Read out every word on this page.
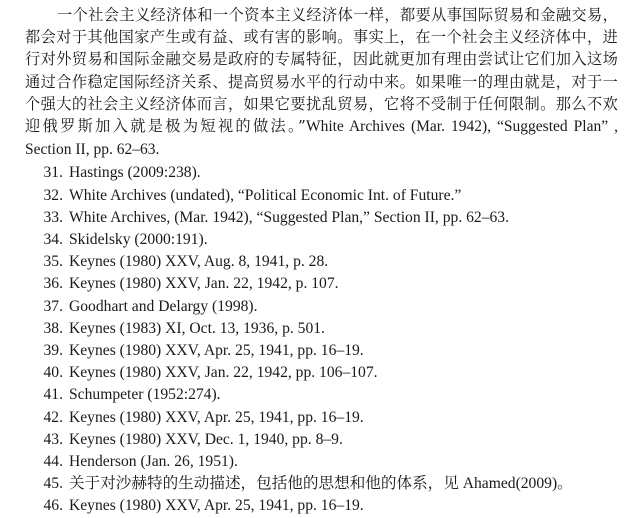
一个社会主义经济体和一个资本主义经济体一样，都要从事国际贸易和金融交易，都会对于其他国家产生或有益、或有害的影响。事实上，在一个社会主义经济体中，进行对外贸易和国际金融交易是政府的专属特征，因此就更加有理由尝试让它们加入这场通过合作稳定国际经济关系、提高贸易水平的行动中来。如果唯一的理由就是，对于一个强大的社会主义经济体而言，如果它要扰乱贸易，它将不受制于任何限制。那么不欢迎俄罗斯加入就是极为短视的做法。”White Archives (Mar. 1942), “Suggested Plan” , Section II, pp. 62–63.

31. Hastings (2009:238).
32. White Archives (undated), “Political Economic Int. of Future.”
33. White Archives, (Mar. 1942), “Suggested Plan,” Section II, pp. 62–63.
34. Skidelsky (2000:191).
35. Keynes (1980) XXV, Aug. 8, 1941, p. 28.
36. Keynes (1980) XXV, Jan. 22, 1942, p. 107.
37. Goodhart and Delargy (1998).
38. Keynes (1983) XI, Oct. 13, 1936, p. 501.
39. Keynes (1980) XXV, Apr. 25, 1941, pp. 16–19.
40. Keynes (1980) XXV, Jan. 22, 1942, pp. 106–107.
41. Schumpeter (1952:274).
42. Keynes (1980) XXV, Apr. 25, 1941, pp. 16–19.
43. Keynes (1980) XXV, Dec. 1, 1940, pp. 8–9.
44. Henderson (Jan. 26, 1951).
45. 关于对沙赫特的生动描述，包括他的思想和他的体系，见 Ahamed(2009)。
46. Keynes (1980) XXV, Apr. 25, 1941, pp. 16–19.
